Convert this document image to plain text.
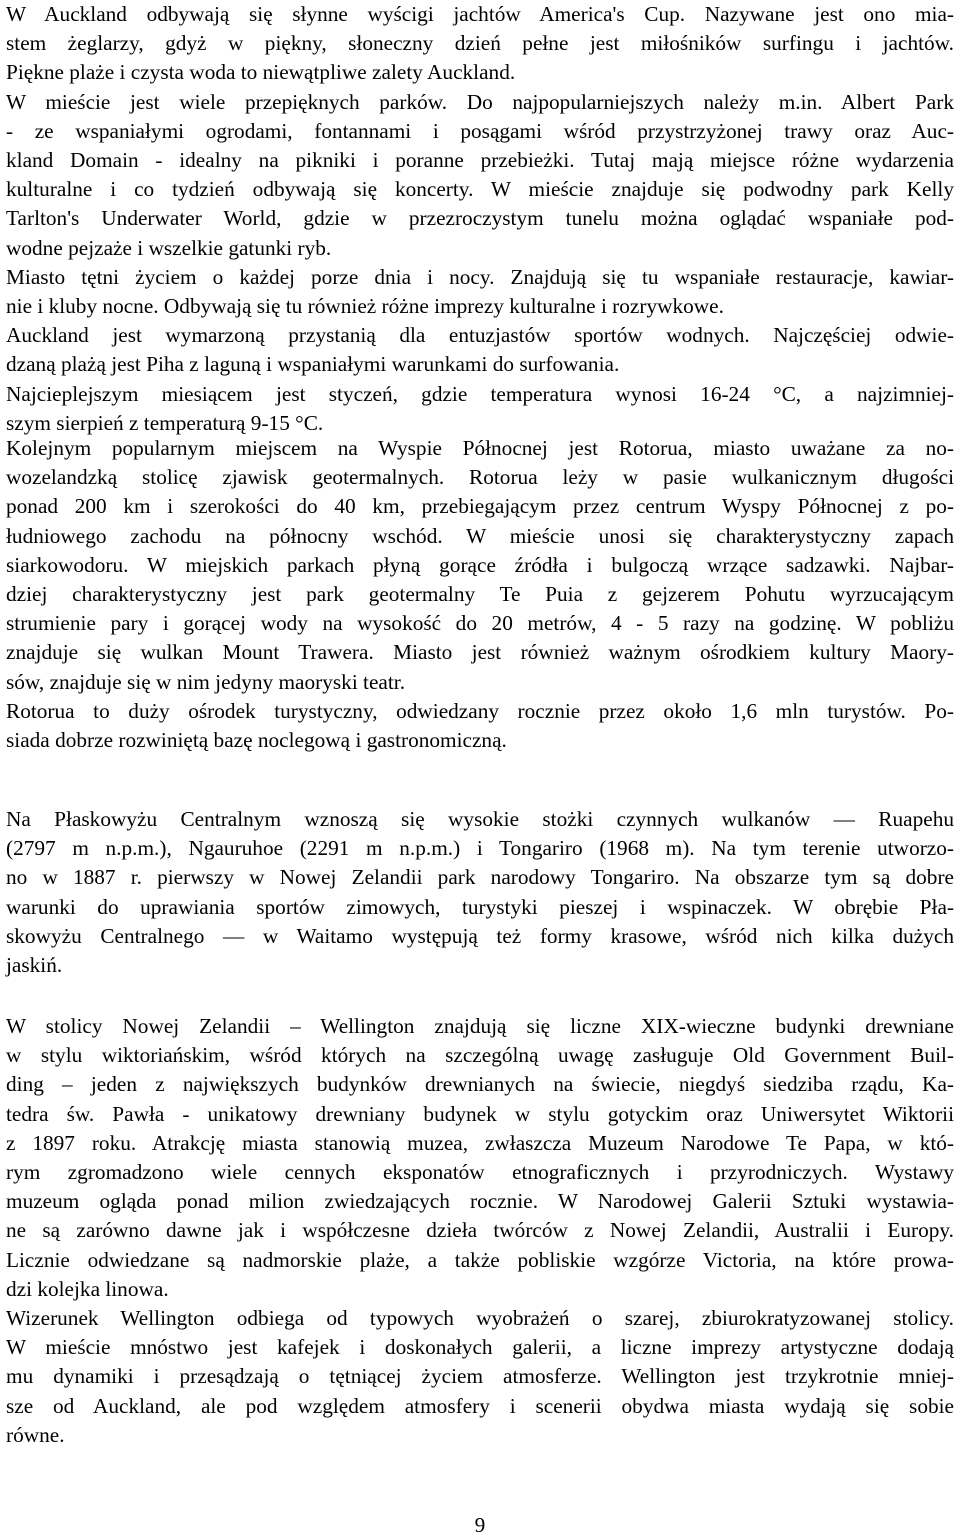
W Auckland odbywają się słynne wyścigi jachtów America's Cup. Nazywane jest ono mia-
stem żeglarzy, gdyż w piękny, słoneczny dzień pełne jest miłośników surfingu i jachtów.
Piękne plaże i czysta woda to niewątpliwe zalety Auckland.
W mieście jest wiele przepięknych parków. Do najpopularniejszych należy m.in. Albert Park
- ze wspaniałymi ogrodami, fontannami i posągami wśród przystrzyżonej trawy oraz Auc-
kland Domain - idealny na pikniki i poranne przebieżki. Tutaj mają miejsce różne wydarzenia
kulturalne i co tydzień odbywają się koncerty. W mieście znajduje się podwodny park Kelly
Tarlton's Underwater World, gdzie w przezroczystym tunelu można oglądać wspaniałe pod-
wodne pejzaże i wszelkie gatunki ryb.
Miasto tętni życiem o każdej porze dnia i nocy. Znajdują się tu wspaniałe restauracje, kawiar-
nie i kluby nocne. Odbywają się tu również różne imprezy kulturalne i rozrywkowe.
Auckland jest wymarzoną przystanią dla entuzjastów sportów wodnych. Najczęściej odwie-
dzaną plażą jest Piha z laguną i wspaniałymi warunkami do surfowania.
Najcieplejszym miesiącem jest styczeń, gdzie temperatura wynosi 16-24 °C, a najzimniej-
szym sierpień z temperaturą 9-15 °C.
Kolejnym popularnym miejscem na Wyspie Północnej jest Rotorua, miasto uważane za no-
wozelandzką stolicę zjawisk geotermalnych. Rotorua leży w pasie wulkanicznym długości
ponad 200 km i szerokości do 40 km, przebiegającym przez centrum Wyspy Północnej z po-
łudniowego zachodu na północny wschód. W mieście unosi się charakterystyczny zapach
siarkowodoru. W miejskich parkach płyną gorące źródła i bulgoczą wrzące sadzawki. Najbar-
dziej charakterystyczny jest park geotermalny Te Puia z gejzerem Pohutu wyrzucającym
strumienie pary i gorącej wody na wysokość do 20 metrów, 4 - 5 razy na godzinę. W pobliżu
znajduje się wulkan Mount Trawera. Miasto jest również ważnym ośrodkiem kultury Maory-
sów, znajduje się w nim jedyny maoryski teatr.
Rotorua to duży ośrodek turystyczny, odwiedzany rocznie przez około 1,6 mln turystów. Po-
siada dobrze rozwiniętą bazę noclegową i gastronomiczną.
Na Płaskowyżu Centralnym wznoszą się wysokie stożki czynnych wulkanów — Ruapehu
(2797 m n.p.m.), Ngauruhoe (2291 m n.p.m.) i Tongariro (1968 m). Na tym terenie utworzo-
no w 1887 r. pierwszy w Nowej Zelandii park narodowy Tongariro. Na obszarze tym są dobre
warunki do uprawiania sportów zimowych, turystyki pieszej i wspinaczek. W obrębie Pła-
skowyżu Centralnego — w Waitamo występują też formy krasowe, wśród nich kilka dużych
jaskiń.
W stolicy Nowej Zelandii – Wellington znajdują się liczne XIX-wieczne budynki drewniane
w stylu wiktoriańskim, wśród których na szczególną uwagę zasługuje Old Government Buil-
ding – jeden z największych budynków drewnianych na świecie, niegdyś siedziba rządu, Ka-
tedra św. Pawła - unikatowy drewniany budynek w stylu gotyckim oraz Uniwersytet Wiktorii
z 1897 roku. Atrakcję miasta stanowią muzea, zwłaszcza Muzeum Narodowe Te Papa, w któ-
rym zgromadzono wiele cennych eksponatów etnograficznych i przyrodniczych. Wystawy
muzeum ogląda ponad milion zwiedzających rocznie. W Narodowej Galerii Sztuki wystawia-
ne są zarówno dawne jak i współczesne dzieła twórców z Nowej Zelandii, Australii i Europy.
Licznie odwiedzane są nadmorskie plaże, a także pobliskie wzgórze Victoria, na które prowa-
dzi kolejka linowa.
Wizerunek Wellington odbiega od typowych wyobrażeń o szarej, zbiurokratyzowanej stolicy.
W mieście mnóstwo jest kafejek i doskonałych galerii, a liczne imprezy artystyczne dodają
mu dynamiki i przesądzają o tętniącej życiem atmosferze. Wellington jest trzykrotnie mniej-
sze od Auckland, ale pod względem atmosfery i scenerii obydwa miasta wydają się sobie
równe.
9
